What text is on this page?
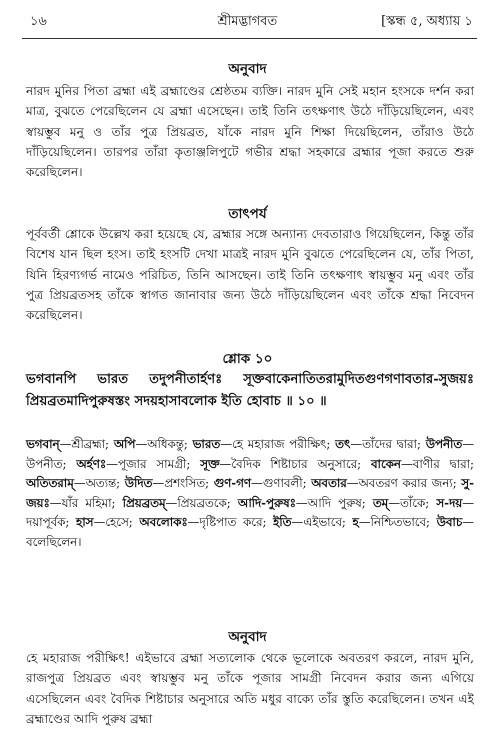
১৬	শ্রীমদ্ভাগবত	[স্কন্ধ ৫, অধ্যায় ১
অনুবাদ

নারদ মুনির পিতা ব্রহ্মা এই ব্রহ্মাণ্ডের শ্রেষ্ঠতম ব্যক্তি। নারদ মুনি সেই মহান হংসকে দর্শন করা মাত্র, বুঝতে পেরেছিলেন যে ব্রহ্মা এসেছেন। তাই তিনি তৎক্ষণাৎ উঠে দাঁড়িয়েছিলেন, এবং স্বায়ম্ভুব মনু ও তাঁর পুত্র প্রিয়ব্রত, যাঁকে নারদ মুনি শিক্ষা দিয়েছিলেন, তাঁরাও উঠে দাঁড়িয়েছিলেন। তারপর তাঁরা কৃতাঞ্জলিপুটে গভীর শ্রদ্ধা সহকারে ব্রহ্মার পূজা করতে শুরু করেছিলেন।

তাৎপর্য

পূর্ববর্তী শ্লোকে উল্লেখ করা হয়েছে যে, ব্রহ্মার সঙ্গে অন্যান্য দেবতারাও গিয়েছিলেন, কিন্তু তাঁর বিশেষ যান ছিল হংস। তাই হংসটি দেখা মাত্রই নারদ মুনি বুঝতে পেরেছিলেন যে, তাঁর পিতা, যিনি হিরণ্যগর্ভ নামেও পরিচিত, তিনি আসছেন। তাই তিনি তৎক্ষণাৎ স্বায়ম্ভুব মনু এবং তাঁর পুত্র প্রিয়ব্রতসহ তাঁকে স্বাগত জানাবার জন্য উঠে দাঁড়িয়েছিলেন এবং তাঁকে শ্রদ্ধা নিবেদন করেছিলেন।

শ্লোক ১০

ভগবানপি ভারত তদুপনীতার্হণঃ সূক্তবাকেনাতিতরামুদিতগুণগণাবতার-সুজয়ঃ প্রিয়ব্রতমাদিপুরুষস্তং সদয়হাসাবলোক ইতি হোবাচ ॥ ১০ ॥

ভগবান্—শ্রীব্রহ্মা; অপি—অধিকন্তু; ভারত—হে মহারাজ পরীক্ষিৎ; তৎ—তাঁদের দ্বারা; উপনীত—উপনীত; অর্হণঃ—পূজার সামগ্রী; সূক্ত—বৈদিক শিষ্টাচার অনুসারে; বাকেন—বাণীর দ্বারা; অতিতরাম্—অত্যন্ত; উদিত—প্রশংসিত; গুণ-গণ—গুণাবলী; অবতার—অবতরণ করার জন্য; সু-জয়ঃ—যাঁর মহিমা; প্রিয়ব্রতম্—প্রিয়ব্রতকে; আদি-পুরুষঃ—আদি পুরুষ; তম্—তাঁকে; স-দয়—দয়াপূর্বক; হাস—হেসে; অবলোকঃ—দৃষ্টিপাত করে; ইতি—এইভাবে; হ—নিশ্চিতভাবে; উবাচ—বলেছিলেন।

অনুবাদ

হে মহারাজ পরীক্ষিৎ! এইভাবে ব্রহ্মা সত্যলোক থেকে ভূলোকে অবতরণ করলে, নারদ মুনি, রাজপুত্র প্রিয়ব্রত এবং স্বায়ম্ভুব মনু তাঁকে পূজার সামগ্রী নিবেদন করার জন্য এগিয়ে এসেছিলেন এবং বৈদিক শিষ্টাচার অনুসারে অতি মধুর বাক্যে তাঁর স্তুতি করেছিলেন। তখন এই ব্রহ্মাণ্ডের আদি পুরুষ ব্রহ্মা
